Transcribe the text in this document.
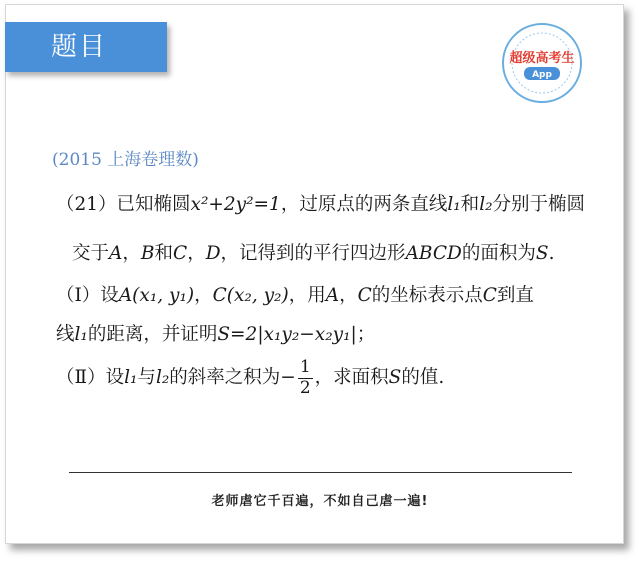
题目	超级高考生
App
(2015 上海卷理数)
（21）已知椭圆x²+2y²=1，过原点的两条直线l₁和l₂分别于椭圆
交于A，B和C，D，记得到的平行四边形ABCD的面积为S.
（Ⅰ）设A(x₁, y₁)，C(x₂, y₂)，用A，C的坐标表示点C到直
线l₁的距离，并证明S=2|x₁y₂−x₂y₁|；
（Ⅱ）设l₁与l₂的斜率之积为− $\frac{1}{2}$ ，求面积S的值.
老师虐它千百遍，不如自己虐一遍!
